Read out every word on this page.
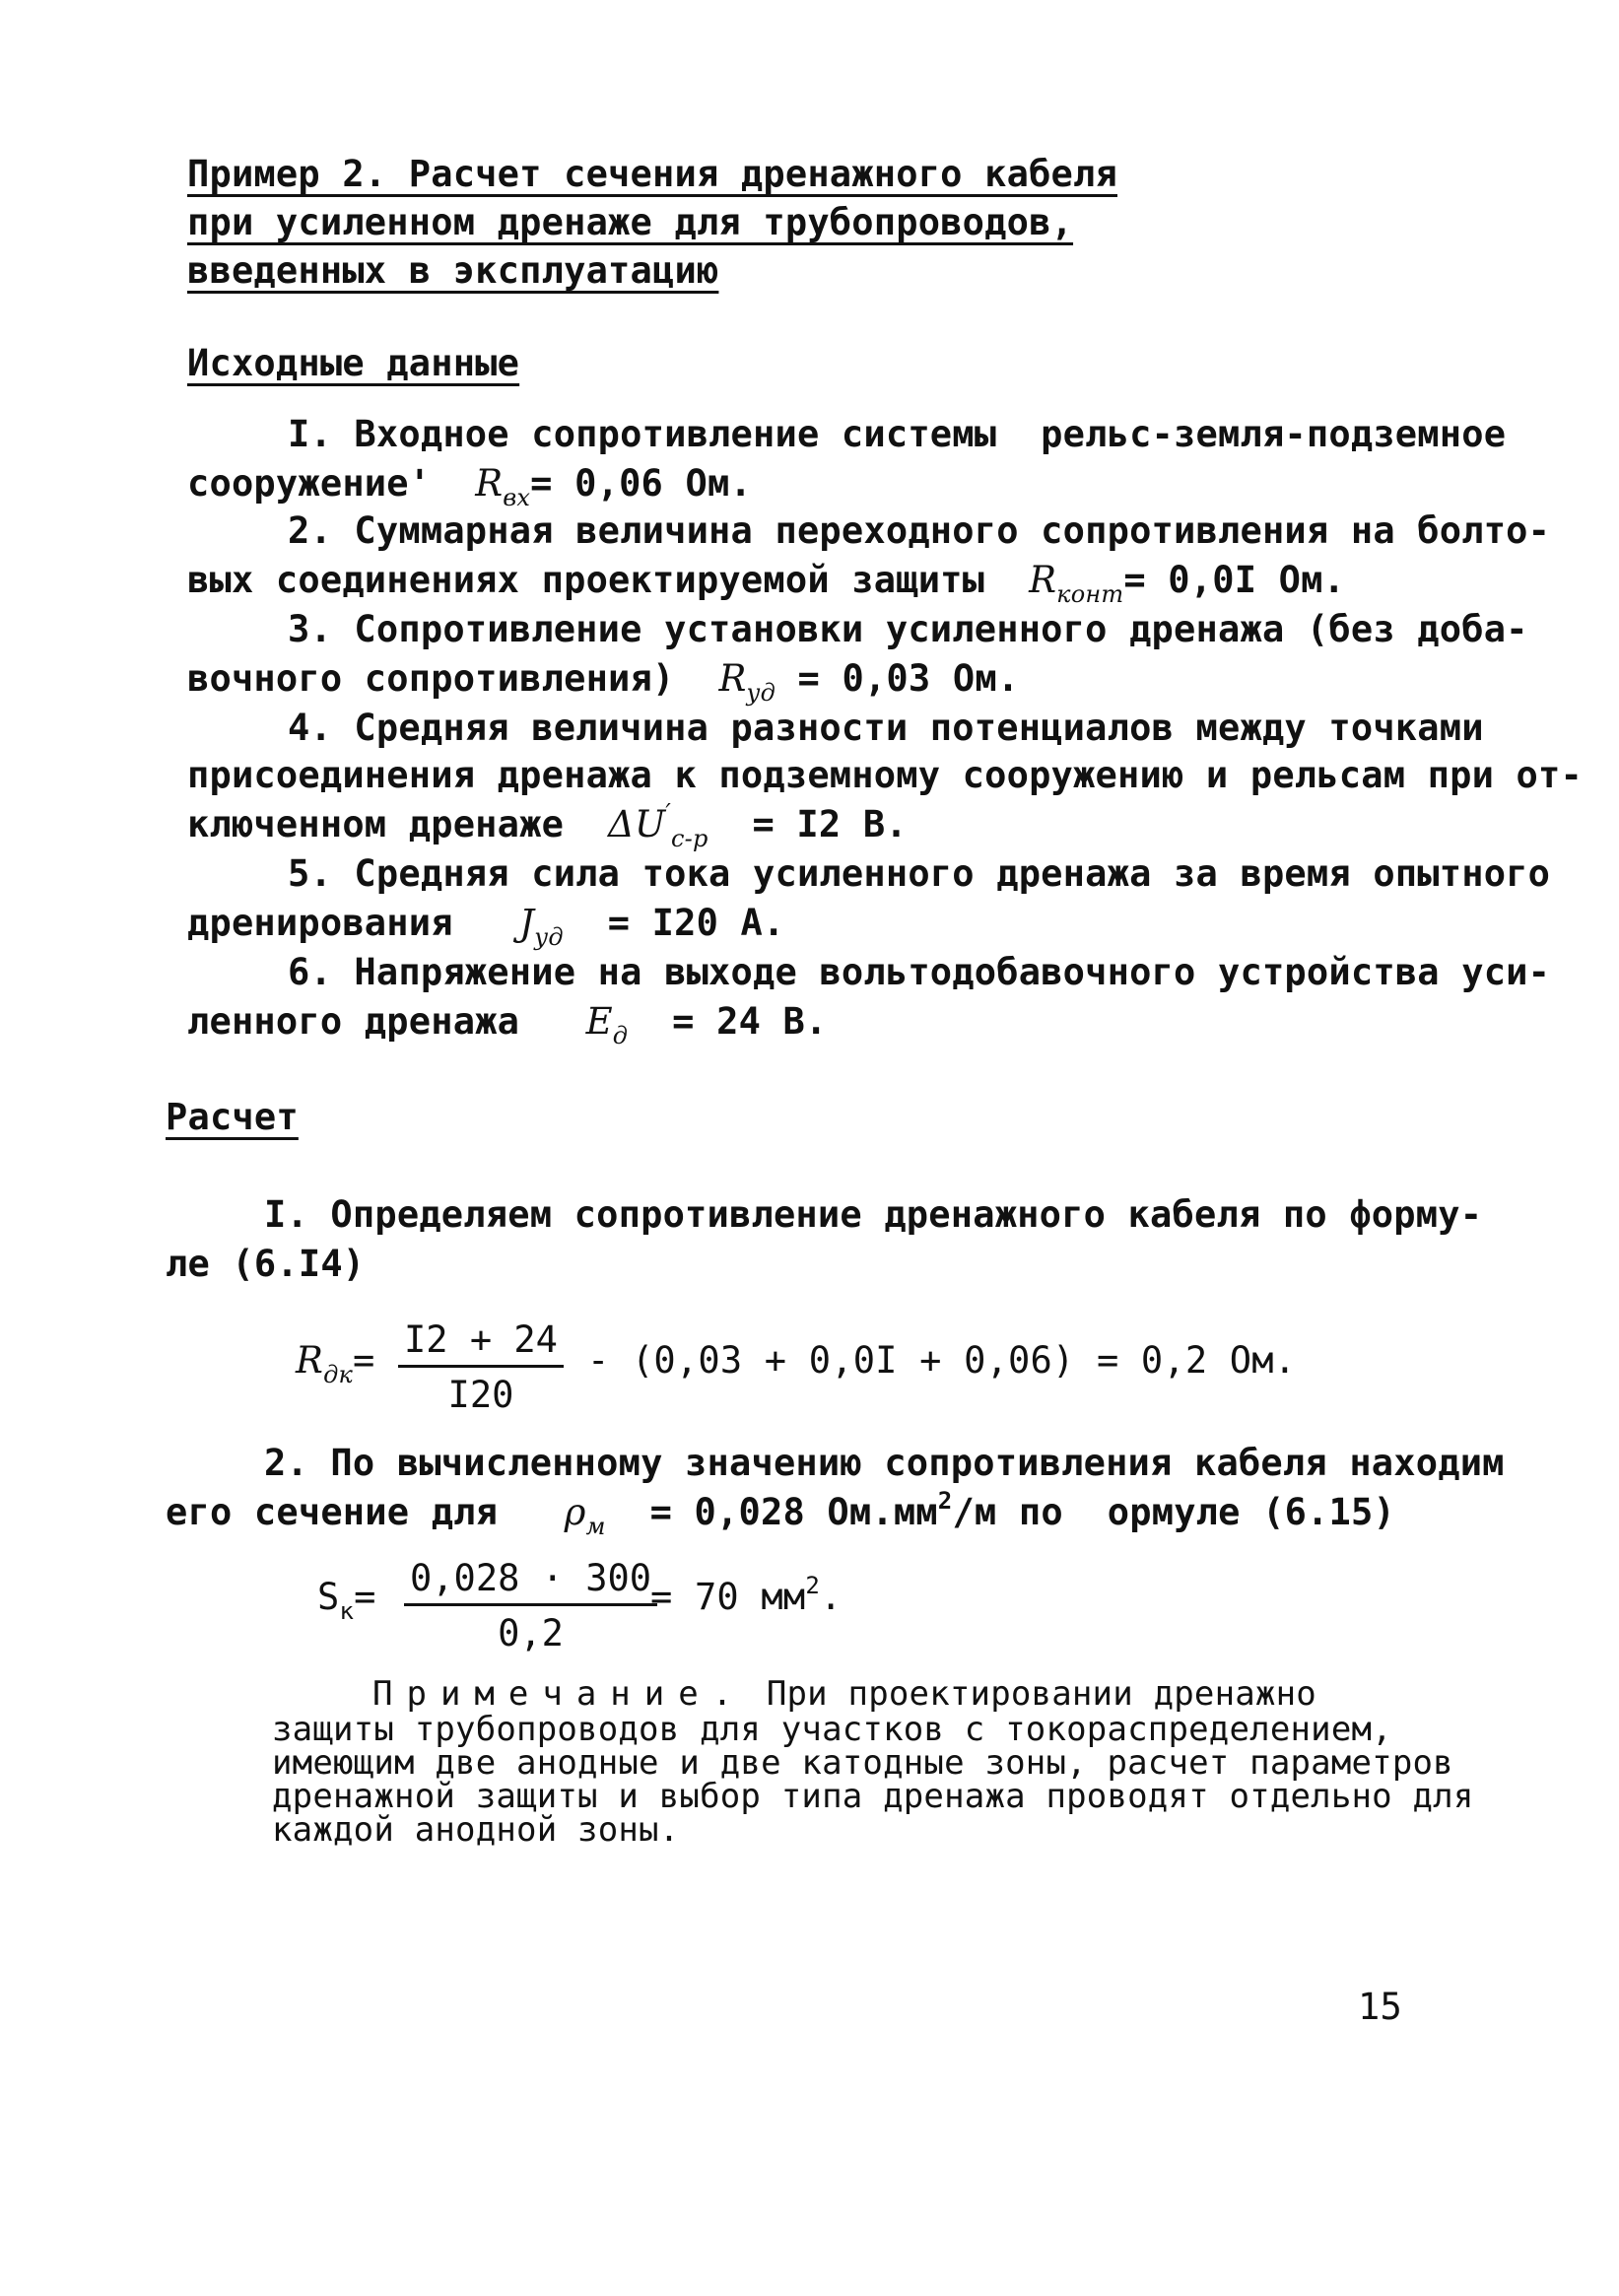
Пример 2. Расчет сечения дренажного кабеля
при усиленном дренаже для трубопроводов,
введенных в эксплуатацию
Исходные данные
I. Входное сопротивление системы  рельс-земля-подземное
сооружение' $R_{вх}= 0,06$ Ом.
2. Суммарная величина переходного сопротивления на болто-
вых соединениях проектируемой защиты $R_{конт}= 0,0I$ Ом.
3. Сопротивление установки усиленного дренажа (без доба-
вочного сопротивления) $R_{уд} = 0,03$ Ом.
4. Средняя величина разности потенциалов между точками
присоединения дренажа к подземному сооружению и рельсам при от-
ключенном дренаже $\Delta U'_{с-р} = I2$ В.
5. Средняя сила тока усиленного дренажа за время опытного
дренирования $J_{уд} = I20$ А.
6. Напряжение на выходе вольтодобавочного устройства уси-
ленного дренажа $E_д = 24$ В.
Расчет
I. Определяем сопротивление дренажного кабеля по форму-
ле (6.I4)
$R_{дк}= \frac{I2 + 24}{I20} - (0,03 + 0,0I + 0,06) = 0,2$ Ом.
2. По вычисленному значению сопротивления кабеля находим
его сечение для $\rho_м = 0,028$ $Ом.мм^2/м$ по  ормуле (6.15)
$S_к= \frac{0,028 \cdot 300}{0,2}$
= 70 $мм^2$.
Примечание. При проектировании дренажно
защиты трубопроводов для участков с токораспределением,
имеющим две анодные и две катодные зоны, расчет параметров
дренажной защиты и выбор типа дренажа проводят отдельно для
каждой анодной зоны.
15
